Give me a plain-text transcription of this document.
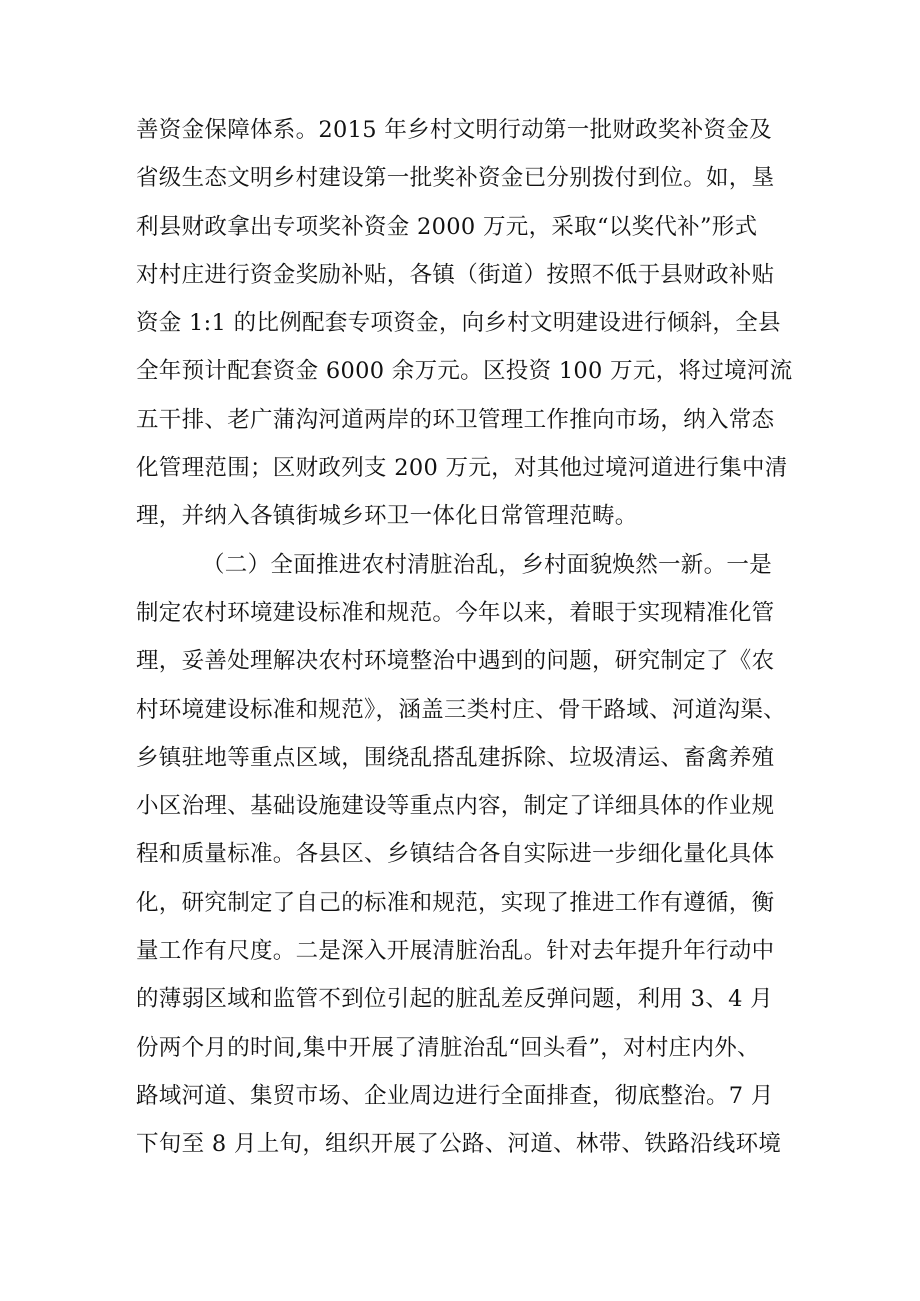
善资金保障体系。2015 年乡村文明行动第一批财政奖补资金及
省级生态文明乡村建设第一批奖补资金已分别拨付到位。如，垦
利县财政拿出专项奖补资金 2000 万元，采取“以奖代补”形式
对村庄进行资金奖励补贴，各镇（街道）按照不低于县财政补贴
资金 1:1 的比例配套专项资金，向乡村文明建设进行倾斜，全县
全年预计配套资金 6000 余万元。区投资 100 万元，将过境河流
五干排、老广蒲沟河道两岸的环卫管理工作推向市场，纳入常态
化管理范围；区财政列支 200 万元，对其他过境河道进行集中清
理，并纳入各镇街城乡环卫一体化日常管理范畴。
（二）全面推进农村清脏治乱，乡村面貌焕然一新。一是
制定农村环境建设标准和规范。今年以来，着眼于实现精准化管
理，妥善处理解决农村环境整治中遇到的问题，研究制定了《农
村环境建设标准和规范》，涵盖三类村庄、骨干路域、河道沟渠、
乡镇驻地等重点区域，围绕乱搭乱建拆除、垃圾清运、畜禽养殖
小区治理、基础设施建设等重点内容，制定了详细具体的作业规
程和质量标准。各县区、乡镇结合各自实际进一步细化量化具体
化，研究制定了自己的标准和规范，实现了推进工作有遵循，衡
量工作有尺度。二是深入开展清脏治乱。针对去年提升年行动中
的薄弱区域和监管不到位引起的脏乱差反弹问题，利用 3、4 月
份两个月的时间,集中开展了清脏治乱“回头看”，对村庄内外、
路域河道、集贸市场、企业周边进行全面排查，彻底整治。7 月
下旬至 8 月上旬，组织开展了公路、河道、林带、铁路沿线环境
